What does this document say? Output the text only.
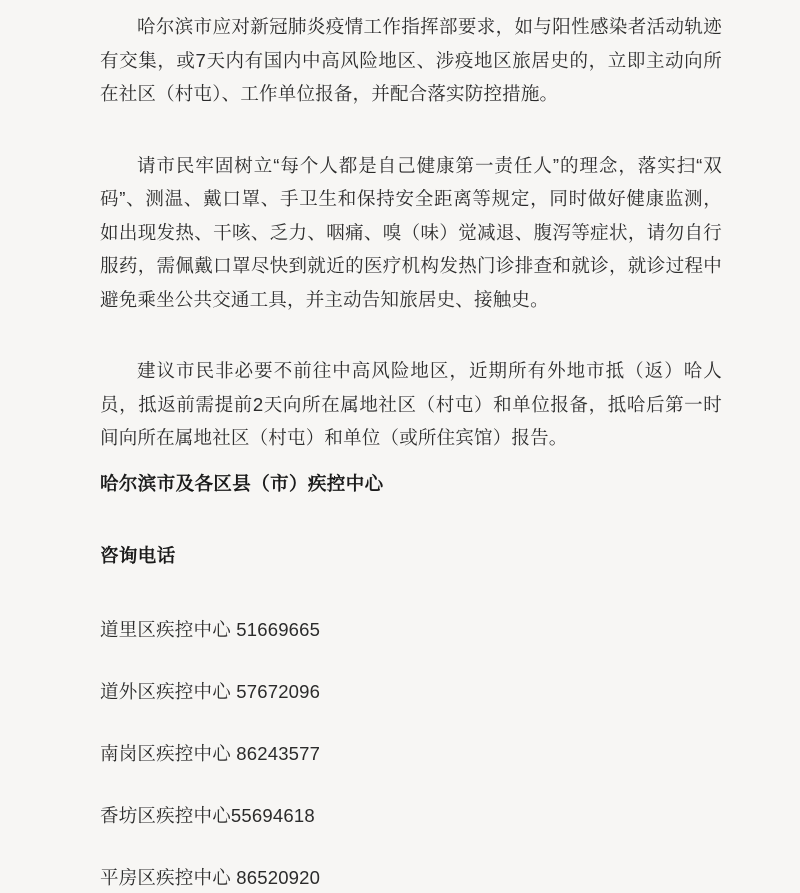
哈尔滨市应对新冠肺炎疫情工作指挥部要求，如与阳性感染者活动轨迹有交集，或7天内有国内中高风险地区、涉疫地区旅居史的，立即主动向所在社区（村屯）、工作单位报备，并配合落实防控措施。

请市民牢固树立“每个人都是自己健康第一责任人”的理念，落实扫“双码”、测温、戴口罩、手卫生和保持安全距离等规定，同时做好健康监测，如出现发热、干咳、乏力、咽痛、嗅（味）觉减退、腹泻等症状，请勿自行服药，需佩戴口罩尽快到就近的医疗机构发热门诊排查和就诊，就诊过程中避免乘坐公共交通工具，并主动告知旅居史、接触史。

建议市民非必要不前往中高风险地区，近期所有外地市抵（返）哈人员，抵返前需提前2天向所在属地社区（村屯）和单位报备，抵哈后第一时间向所在属地社区（村屯）和单位（或所住宾馆）报告。

哈尔滨市及各区县（市）疾控中心
咨询电话
道里区疾控中心 51669665
道外区疾控中心 57672096
南岗区疾控中心 86243577
香坊区疾控中心55694618
平房区疾控中心 86520920
